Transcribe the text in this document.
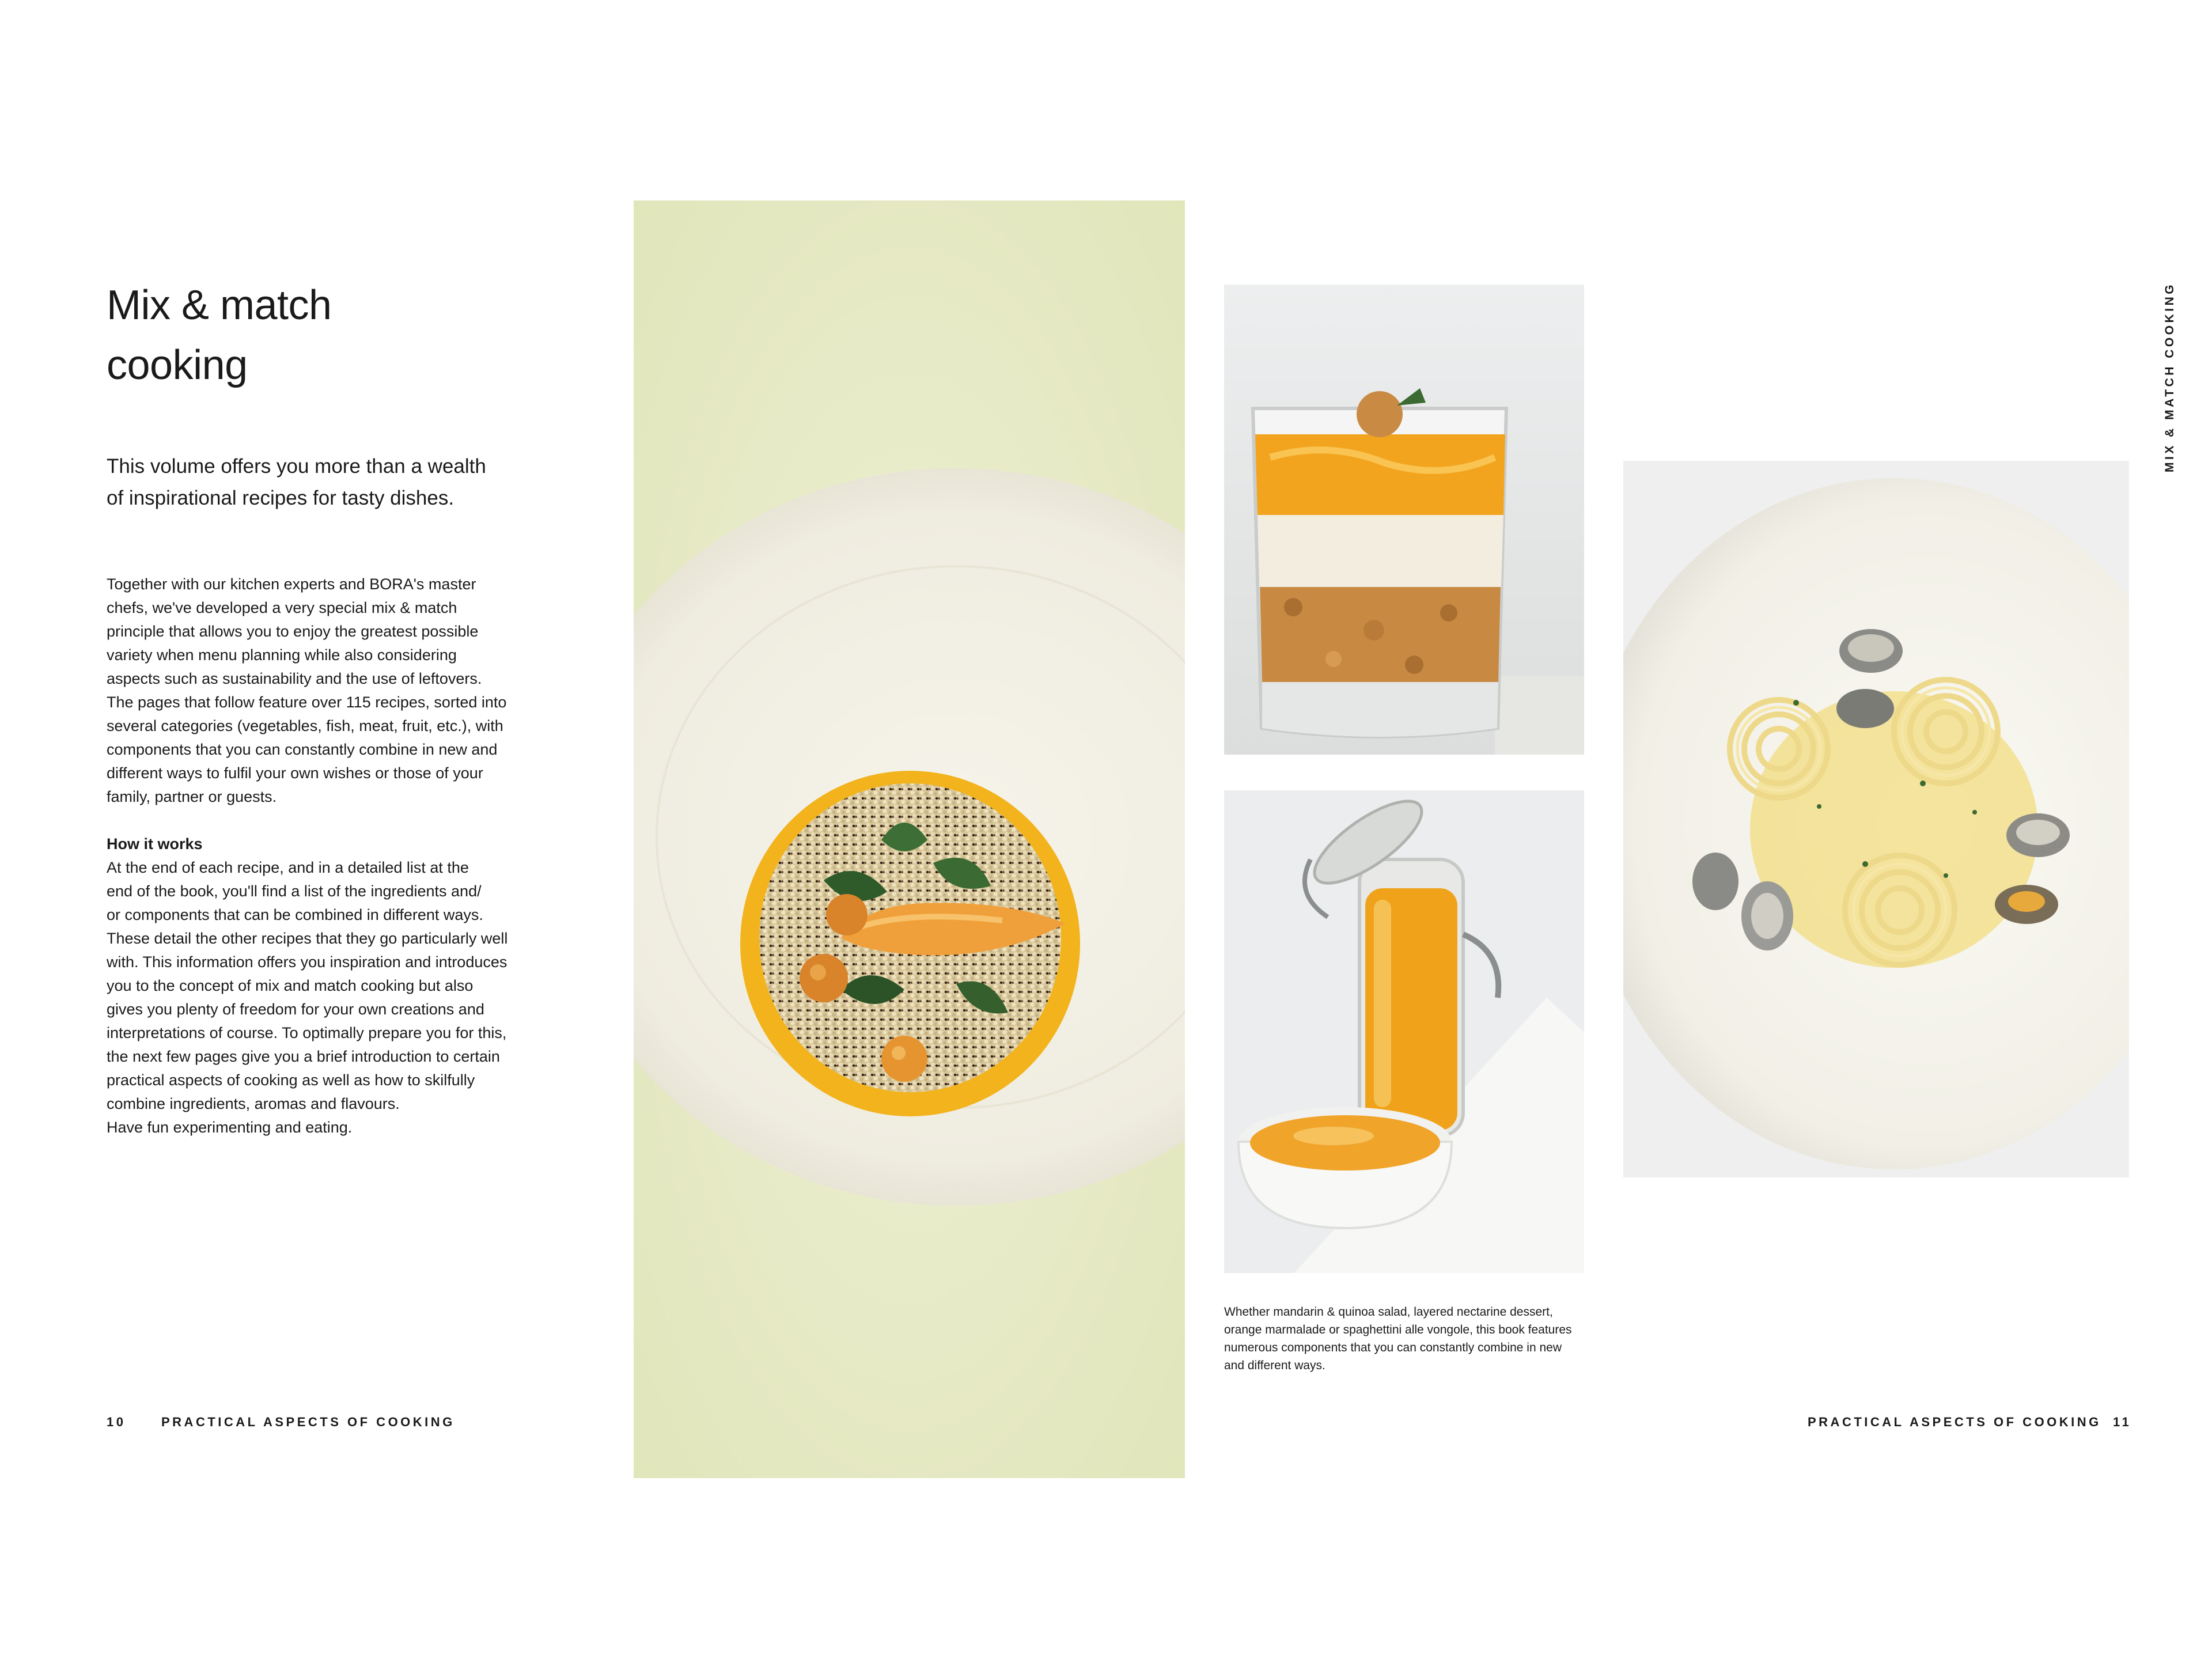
Mix & match
cooking
This volume offers you more than a wealth
of inspirational recipes for tasty dishes.
Together with our kitchen experts and BORA's master
chefs, we've developed a very special mix & match
principle that allows you to enjoy the greatest possible
variety when menu planning while also considering
aspects such as sustainability and the use of leftovers.
The pages that follow feature over 115 recipes, sorted into
several categories (vegetables, fish, meat, fruit, etc.), with
components that you can constantly combine in new and
different ways to fulfil your own wishes or those of your
family, partner or guests.
How it works
At the end of each recipe, and in a detailed list at the
end of the book, you'll find a list of the ingredients and/
or components that can be combined in different ways.
These detail the other recipes that they go particularly well
with. This information offers you inspiration and introduces
you to the concept of mix and match cooking but also
gives you plenty of freedom for your own creations and
interpretations of course. To optimally prepare you for this,
the next few pages give you a brief introduction to certain
practical aspects of cooking as well as how to skilfully
combine ingredients, aromas and flavours.
Have fun experimenting and eating.
10	PRACTICAL ASPECTS OF COOKING	PRACTICAL ASPECTS OF COOKING 11
MIX & MATCH COOKING
Whether mandarin & quinoa salad, layered nectarine dessert,
orange marmalade or spaghettini alle vongole, this book features
numerous components that you can constantly combine in new
and different ways.
